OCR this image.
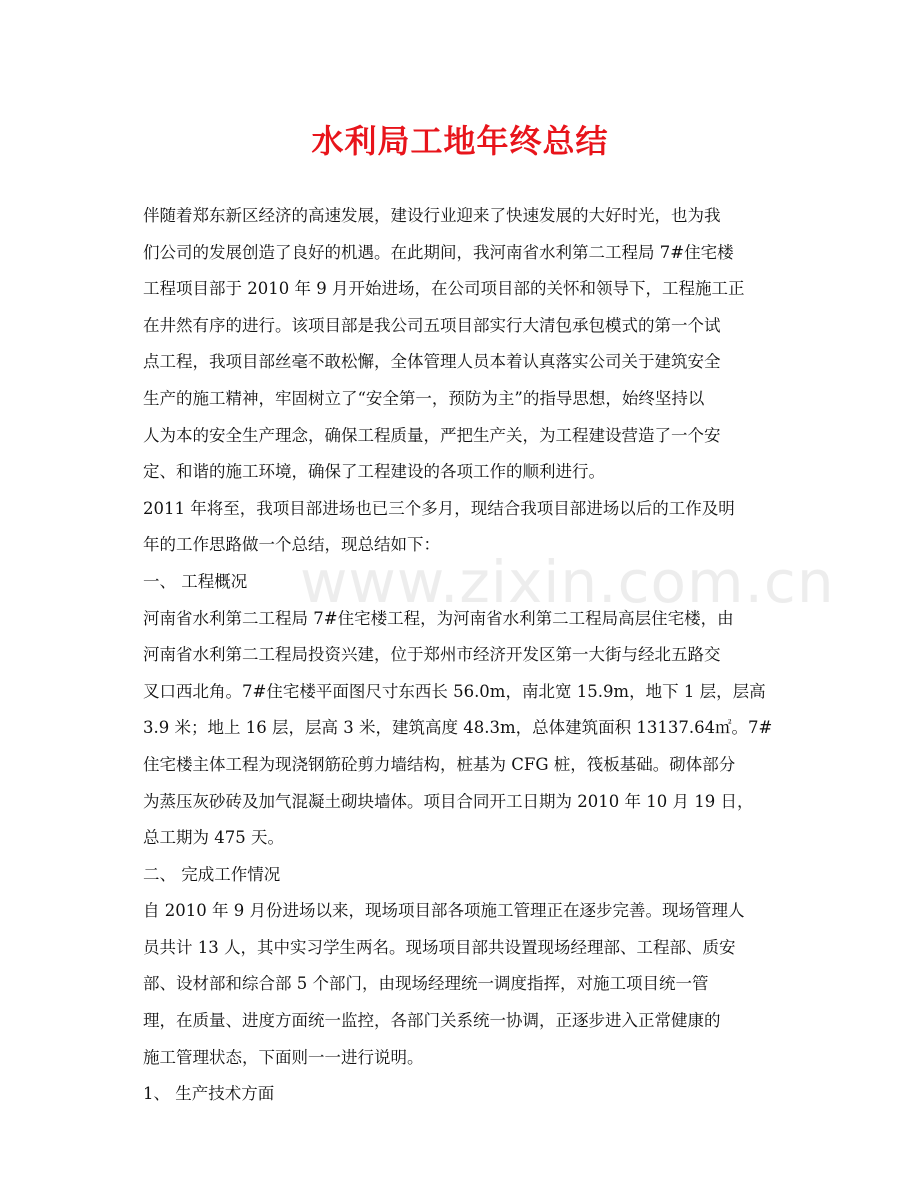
www.zixin.com.cn
水利局工地年终总结
伴随着郑东新区经济的高速发展，建设行业迎来了快速发展的大好时光，也为我
们公司的发展创造了良好的机遇。在此期间，我河南省水利第二工程局 7#住宅楼
工程项目部于 2010 年 9 月开始进场，在公司项目部的关怀和领导下，工程施工正
在井然有序的进行。该项目部是我公司五项目部实行大清包承包模式的第一个试
点工程，我项目部丝毫不敢松懈，全体管理人员本着认真落实公司关于建筑安全
生产的施工精神，牢固树立了“安全第一，预防为主”的指导思想，始终坚持以
人为本的安全生产理念，确保工程质量，严把生产关，为工程建设营造了一个安
定、和谐的施工环境，确保了工程建设的各项工作的顺利进行。
2011 年将至，我项目部进场也已三个多月，现结合我项目部进场以后的工作及明
年的工作思路做一个总结，现总结如下：
一、 工程概况
河南省水利第二工程局 7#住宅楼工程，为河南省水利第二工程局高层住宅楼，由
河南省水利第二工程局投资兴建，位于郑州市经济开发区第一大街与经北五路交
叉口西北角。7#住宅楼平面图尺寸东西长 56.0m，南北宽 15.9m，地下 1 层，层高
3.9 米；地上 16 层，层高 3 米，建筑高度 48.3m，总体建筑面积 13137.64㎡。7#
住宅楼主体工程为现浇钢筋砼剪力墙结构，桩基为 CFG 桩，筏板基础。砌体部分
为蒸压灰砂砖及加气混凝土砌块墙体。项目合同开工日期为 2010 年 10 月 19 日，
总工期为 475 天。
二、 完成工作情况
自 2010 年 9 月份进场以来，现场项目部各项施工管理正在逐步完善。现场管理人
员共计 13 人，其中实习学生两名。现场项目部共设置现场经理部、工程部、质安
部、设材部和综合部 5 个部门，由现场经理统一调度指挥，对施工项目统一管
理，在质量、进度方面统一监控，各部门关系统一协调，正逐步进入正常健康的
施工管理状态，下面则一一进行说明。
1、 生产技术方面
